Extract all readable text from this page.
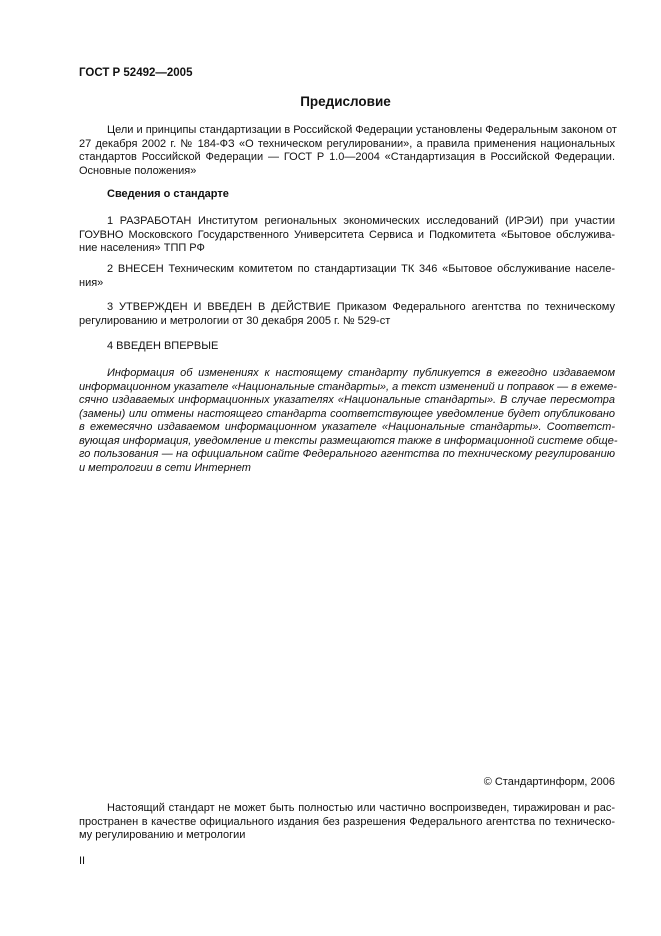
ГОСТ Р 52492—2005
Предисловие
Цели и принципы стандартизации в Российской Федерации установлены Федеральным законом от
27 декабря 2002 г. № 184-ФЗ «О техническом регулировании», а правила применения национальных
стандартов Российской Федерации — ГОСТ Р 1.0—2004 «Стандартизация в Российской Федерации.
Основные положения»
Сведения о стандарте
1 РАЗРАБОТАН Институтом региональных экономических исследований (ИРЭИ) при участии
ГОУВНО Московского Государственного Университета Сервиса и Подкомитета «Бытовое обслужива-
ние населения» ТПП РФ
2 ВНЕСЕН Техническим комитетом по стандартизации ТК 346 «Бытовое обслуживание населе-
ния»
3 УТВЕРЖДЕН И ВВЕДЕН В ДЕЙСТВИЕ Приказом Федерального агентства по техническому
регулированию и метрологии от 30 декабря 2005 г. № 529-ст
4 ВВЕДЕН ВПЕРВЫЕ
Информация об изменениях к настоящему стандарту публикуется в ежегодно издаваемом
информационном указателе «Национальные стандарты», а текст изменений и поправок — в ежеме-
сячно издаваемых информационных указателях «Национальные стандарты». В случае пересмотра
(замены) или отмены настоящего стандарта соответствующее уведомление будет опубликовано
в ежемесячно издаваемом информационном указателе «Национальные стандарты». Соответст-
вующая информация, уведомление и тексты размещаются также в информационной системе обще-
го пользования — на официальном сайте Федерального агентства по техническому регулированию
и метрологии в сети Интернет
© Стандартинформ, 2006
Настоящий стандарт не может быть полностью или частично воспроизведен, тиражирован и рас-
пространен в качестве официального издания без разрешения Федерального агентства по техническо-
му регулированию и метрологии
II
